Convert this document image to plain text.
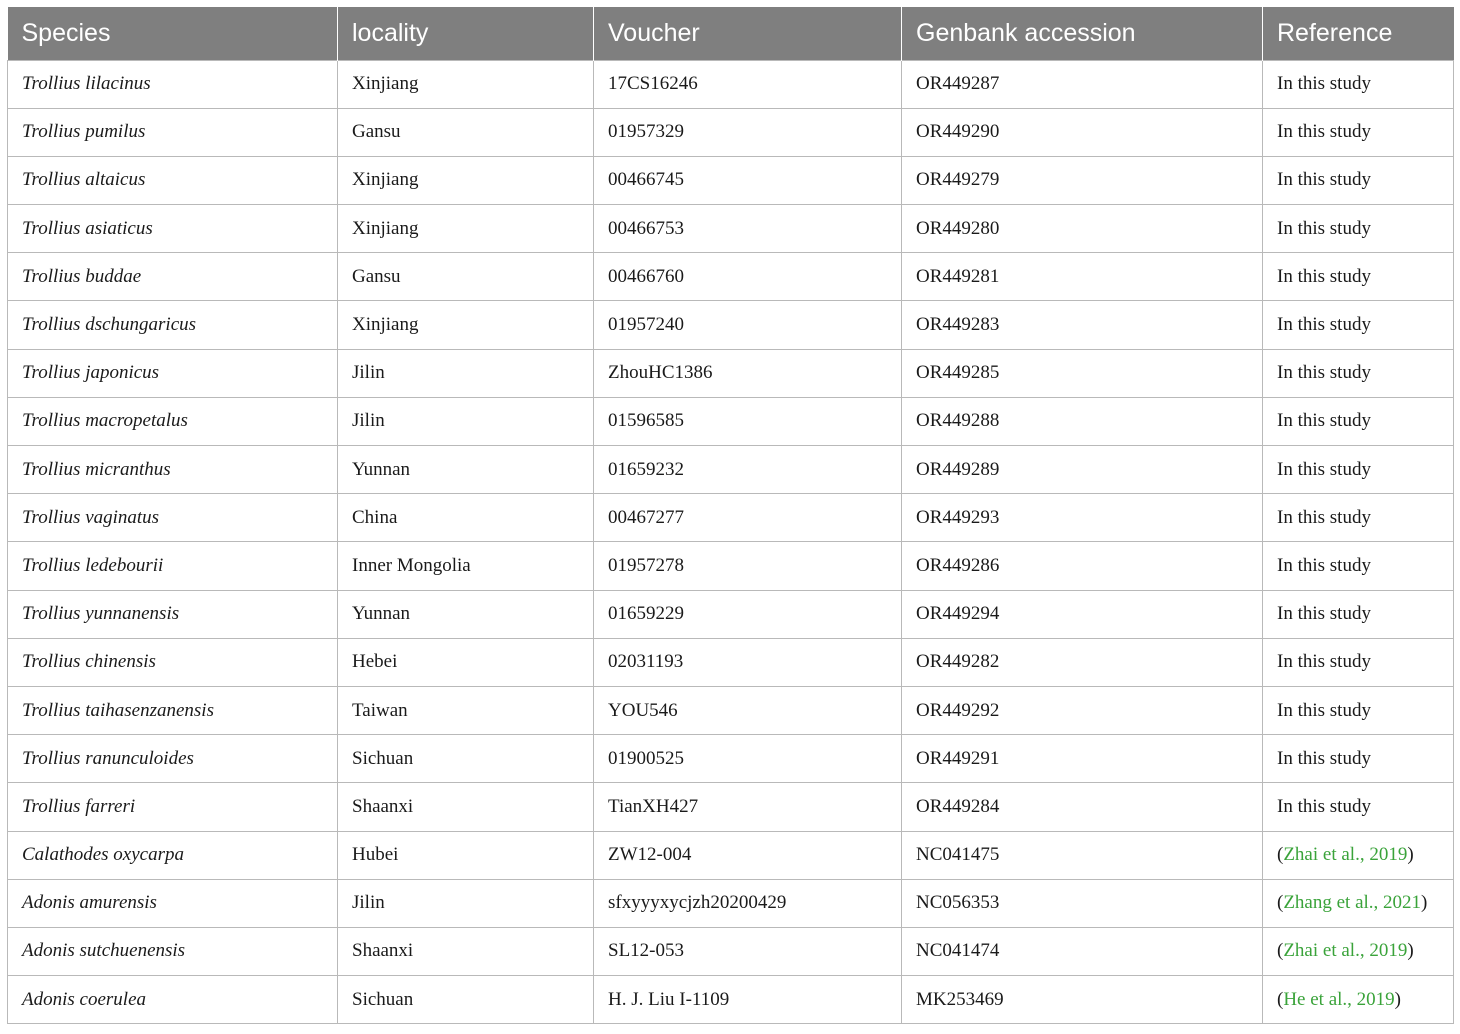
Species	locality	Voucher	Genbank accession	Reference
Trollius lilacinus	Xinjiang	17CS16246	OR449287	In this study
Trollius pumilus	Gansu	01957329	OR449290	In this study
Trollius altaicus	Xinjiang	00466745	OR449279	In this study
Trollius asiaticus	Xinjiang	00466753	OR449280	In this study
Trollius buddae	Gansu	00466760	OR449281	In this study
Trollius dschungaricus	Xinjiang	01957240	OR449283	In this study
Trollius japonicus	Jilin	ZhouHC1386	OR449285	In this study
Trollius macropetalus	Jilin	01596585	OR449288	In this study
Trollius micranthus	Yunnan	01659232	OR449289	In this study
Trollius vaginatus	China	00467277	OR449293	In this study
Trollius ledebourii	Inner Mongolia	01957278	OR449286	In this study
Trollius yunnanensis	Yunnan	01659229	OR449294	In this study
Trollius chinensis	Hebei	02031193	OR449282	In this study
Trollius taihasenzanensis	Taiwan	YOU546	OR449292	In this study
Trollius ranunculoides	Sichuan	01900525	OR449291	In this study
Trollius farreri	Shaanxi	TianXH427	OR449284	In this study
Calathodes oxycarpa	Hubei	ZW12-004	NC041475	(Zhai et al., 2019)
Adonis amurensis	Jilin	sfxyyyxycjzh20200429	NC056353	(Zhang et al., 2021)
Adonis sutchuenensis	Shaanxi	SL12-053	NC041474	(Zhai et al., 2019)
Adonis coerulea	Sichuan	H. J. Liu I-1109	MK253469	(He et al., 2019)
